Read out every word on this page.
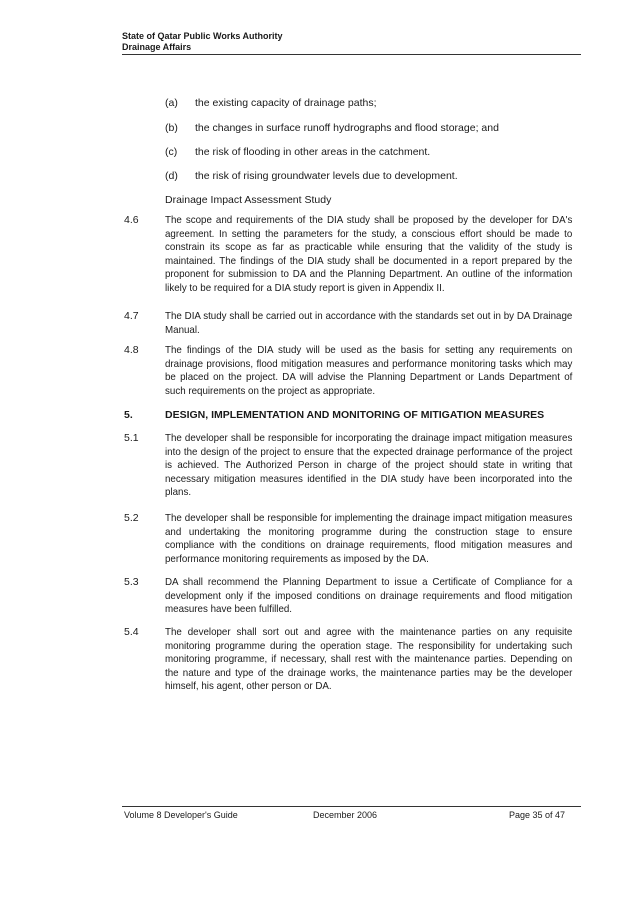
State of Qatar Public Works Authority
Drainage Affairs
(a) the existing capacity of drainage paths;
(b) the changes in surface runoff hydrographs and flood storage; and
(c) the risk of flooding in other areas in the catchment.
(d) the risk of rising groundwater levels due to development.
Drainage Impact Assessment Study
4.6	The scope and requirements of the DIA study shall be proposed by the developer for DA's agreement. In setting the parameters for the study, a conscious effort should be made to constrain its scope as far as practicable while ensuring that the validity of the study is maintained. The findings of the DIA study shall be documented in a report prepared by the proponent for submission to DA and the Planning Department. An outline of the information likely to be required for a DIA study report is given in Appendix II.
4.7	The DIA study shall be carried out in accordance with the standards set out in by DA Drainage Manual.
4.8	The findings of the DIA study will be used as the basis for setting any requirements on drainage provisions, flood mitigation measures and performance monitoring tasks which may be placed on the project. DA will advise the Planning Department or Lands Department of such requirements on the project as appropriate.
5.	DESIGN, IMPLEMENTATION AND MONITORING OF MITIGATION MEASURES
5.1	The developer shall be responsible for incorporating the drainage impact mitigation measures into the design of the project to ensure that the expected drainage performance of the project is achieved. The Authorized Person in charge of the project should state in writing that necessary mitigation measures identified in the DIA study have been incorporated into the plans.
5.2	The developer shall be responsible for implementing the drainage impact mitigation measures and undertaking the monitoring programme during the construction stage to ensure compliance with the conditions on drainage requirements, flood mitigation measures and performance monitoring requirements as imposed by the DA.
5.3	DA shall recommend the Planning Department to issue a Certificate of Compliance for a development only if the imposed conditions on drainage requirements and flood mitigation measures have been fulfilled.
5.4	The developer shall sort out and agree with the maintenance parties on any requisite monitoring programme during the operation stage. The responsibility for undertaking such monitoring programme, if necessary, shall rest with the maintenance parties. Depending on the nature and type of the drainage works, the maintenance parties may be the developer himself, his agent, other person or DA.
Volume 8 Developer's Guide	December 2006	Page 35 of 47
